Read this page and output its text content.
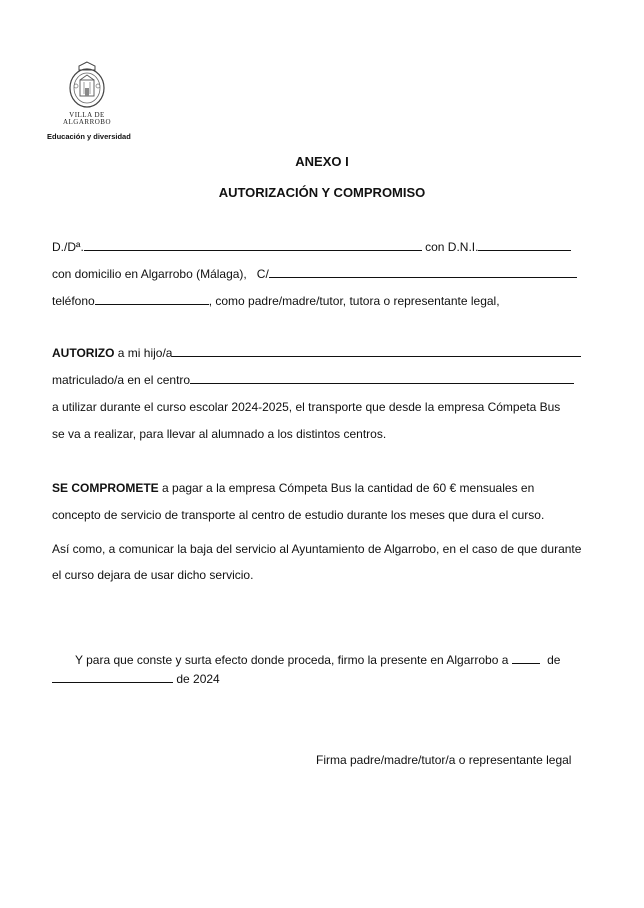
VILLA DE
ALGARROBO
Educación y diversidad
ANEXO I
AUTORIZACIÓN Y COMPROMISO
D./Dª.	con D.N.I.
con domicilio en Algarrobo (Málaga), C/
teléfono	, como padre/madre/tutor, tutora o representante legal,
AUTORIZO a mi hijo/a
matriculado/a en el centro
a utilizar durante el curso escolar 2024-2025, el transporte que desde la empresa Cómpeta Bus
se va a realizar, para llevar al alumnado a los distintos centros.
SE COMPROMETE a pagar a la empresa Cómpeta Bus la cantidad de 60 € mensuales en
concepto de servicio de transporte al centro de estudio durante los meses que dura el curso.
Así como, a comunicar la baja del servicio al Ayuntamiento de Algarrobo, en el caso de que durante
el curso dejara de usar dicho servicio.
Y para que conste y surta efecto donde proceda, firmo la presente en Algarrobo a	de
de 2024
Firma padre/madre/tutor/a o representante legal
